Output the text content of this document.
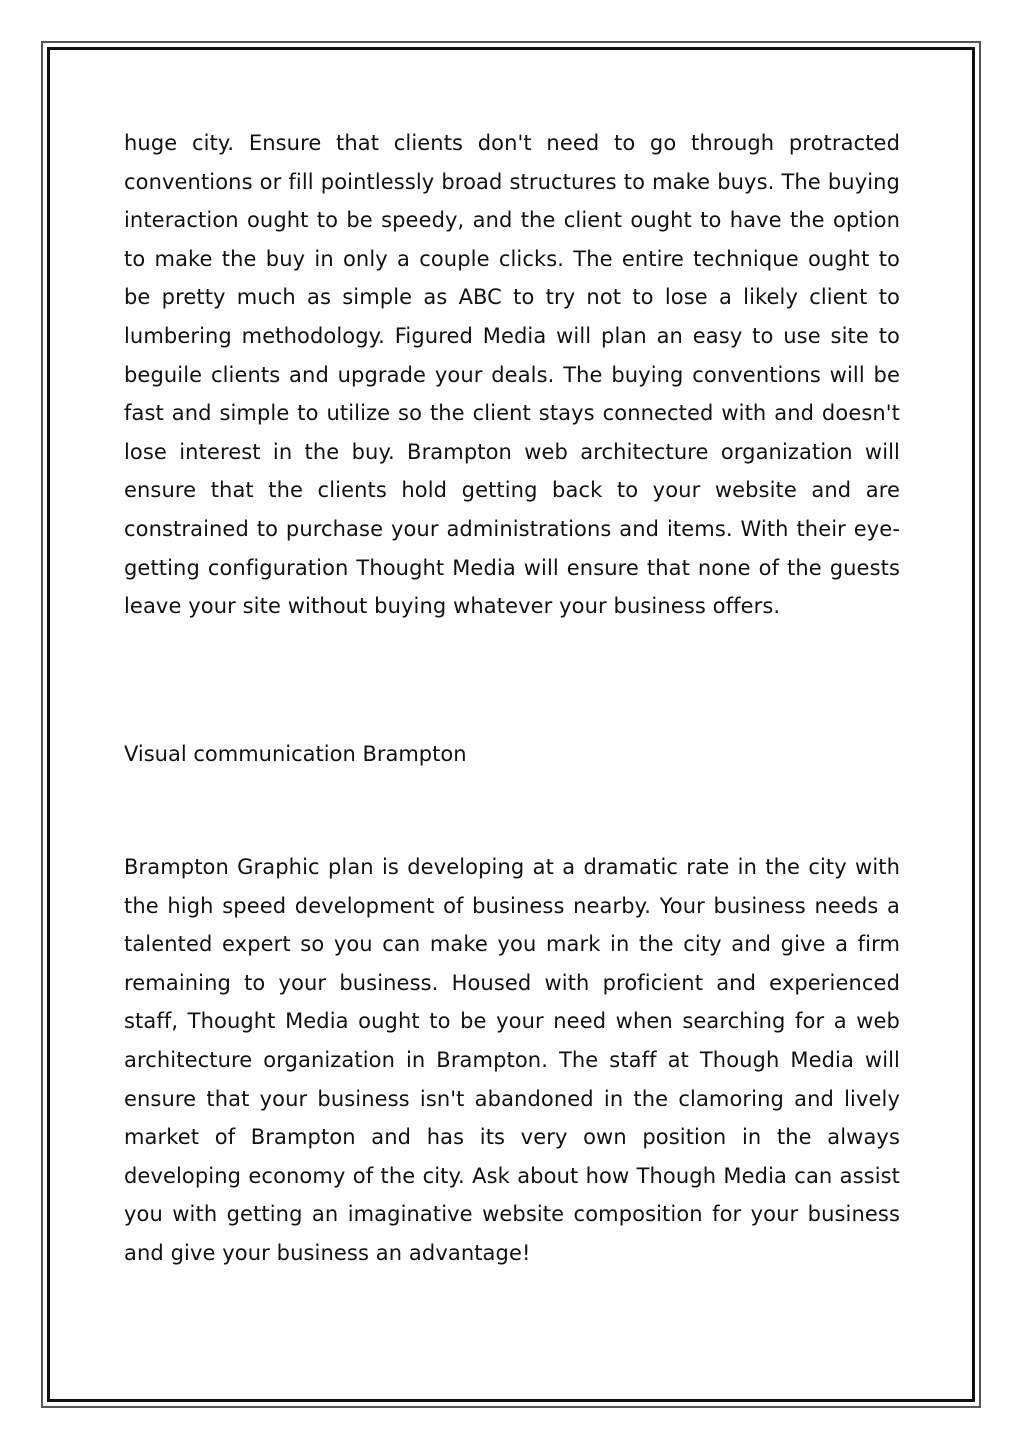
huge city. Ensure that clients don't need to go through protracted conventions or fill pointlessly broad structures to make buys. The buying interaction ought to be speedy, and the client ought to have the option to make the buy in only a couple clicks. The entire technique ought to be pretty much as simple as ABC to try not to lose a likely client to lumbering methodology. Figured Media will plan an easy to use site to beguile clients and upgrade your deals. The buying conventions will be fast and simple to utilize so the client stays connected with and doesn't lose interest in the buy. Brampton web architecture organization will ensure that the clients hold getting back to your website and are constrained to purchase your administrations and items. With their eye-getting configuration Thought Media will ensure that none of the guests leave your site without buying whatever your business offers.

Visual communication Brampton

Brampton Graphic plan is developing at a dramatic rate in the city with the high speed development of business nearby. Your business needs a talented expert so you can make you mark in the city and give a firm remaining to your business. Housed with proficient and experienced staff, Thought Media ought to be your need when searching for a web architecture organization in Brampton. The staff at Though Media will ensure that your business isn't abandoned in the clamoring and lively market of Brampton and has its very own position in the always developing economy of the city. Ask about how Though Media can assist you with getting an imaginative website composition for your business and give your business an advantage!
